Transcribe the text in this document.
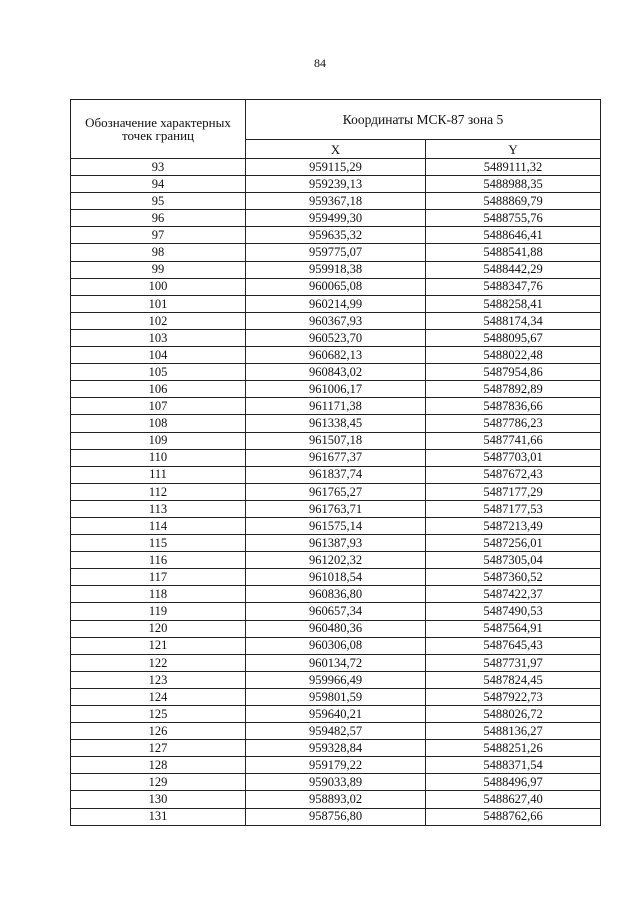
84
Обозначение характерных точек границ	Координаты МСК-87 зона 5	
	X	Y
93	959115,29	5489111,32
94	959239,13	5488988,35
95	959367,18	5488869,79
96	959499,30	5488755,76
97	959635,32	5488646,41
98	959775,07	5488541,88
99	959918,38	5488442,29
100	960065,08	5488347,76
101	960214,99	5488258,41
102	960367,93	5488174,34
103	960523,70	5488095,67
104	960682,13	5488022,48
105	960843,02	5487954,86
106	961006,17	5487892,89
107	961171,38	5487836,66
108	961338,45	5487786,23
109	961507,18	5487741,66
110	961677,37	5487703,01
111	961837,74	5487672,43
112	961765,27	5487177,29
113	961763,71	5487177,53
114	961575,14	5487213,49
115	961387,93	5487256,01
116	961202,32	5487305,04
117	961018,54	5487360,52
118	960836,80	5487422,37
119	960657,34	5487490,53
120	960480,36	5487564,91
121	960306,08	5487645,43
122	960134,72	5487731,97
123	959966,49	5487824,45
124	959801,59	5487922,73
125	959640,21	5488026,72
126	959482,57	5488136,27
127	959328,84	5488251,26
128	959179,22	5488371,54
129	959033,89	5488496,97
130	958893,02	5488627,40
131	958756,80	5488762,66
